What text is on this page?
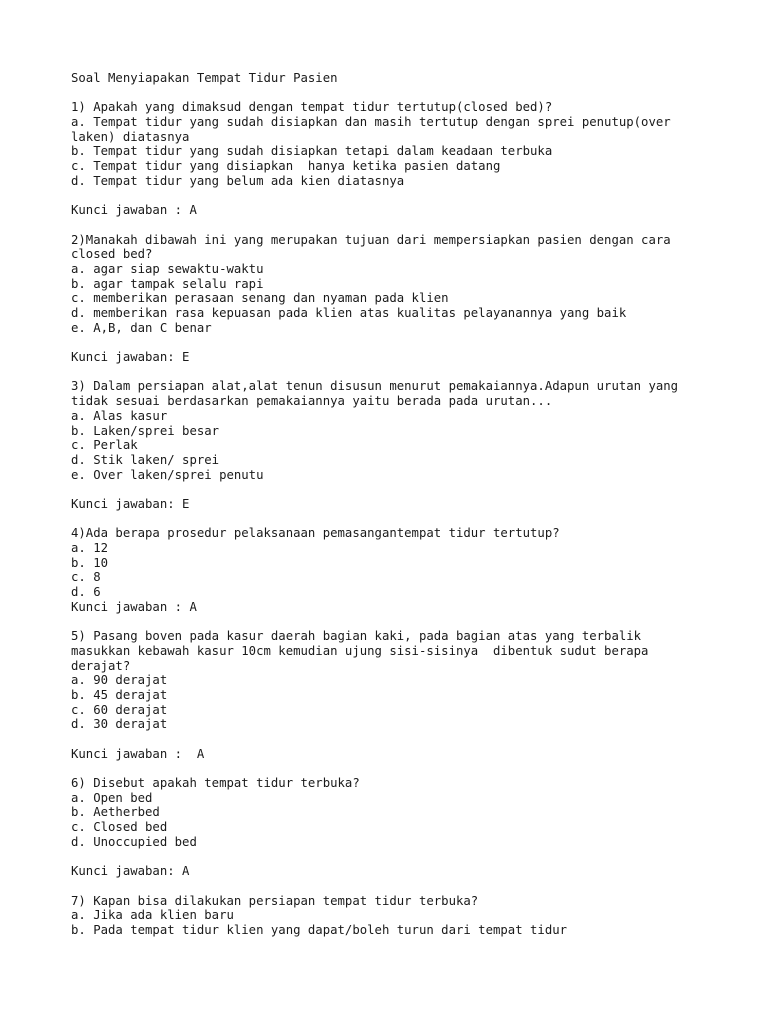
Soal Menyiapakan Tempat Tidur Pasien
1) Apakah yang dimaksud dengan tempat tidur tertutup(closed bed)?
a. Tempat tidur yang sudah disiapkan dan masih tertutup dengan sprei penutup(over
laken) diatasnya
b. Tempat tidur yang sudah disiapkan tetapi dalam keadaan terbuka
c. Tempat tidur yang disiapkan  hanya ketika pasien datang
d. Tempat tidur yang belum ada kien diatasnya
Kunci jawaban : A
2)Manakah dibawah ini yang merupakan tujuan dari mempersiapkan pasien dengan cara
closed bed?
a. agar siap sewaktu-waktu
b. agar tampak selalu rapi
c. memberikan perasaan senang dan nyaman pada klien
d. memberikan rasa kepuasan pada klien atas kualitas pelayanannya yang baik
e. A,B, dan C benar
Kunci jawaban: E
3) Dalam persiapan alat,alat tenun disusun menurut pemakaiannya.Adapun urutan yang
tidak sesuai berdasarkan pemakaiannya yaitu berada pada urutan...
a. Alas kasur
b. Laken/sprei besar
c. Perlak
d. Stik laken/ sprei
e. Over laken/sprei penutu
Kunci jawaban: E
4)Ada berapa prosedur pelaksanaan pemasangantempat tidur tertutup?
a. 12
b. 10
c. 8
d. 6
Kunci jawaban : A
5) Pasang boven pada kasur daerah bagian kaki, pada bagian atas yang terbalik
masukkan kebawah kasur 10cm kemudian ujung sisi-sisinya  dibentuk sudut berapa
derajat?
a. 90 derajat
b. 45 derajat
c. 60 derajat
d. 30 derajat
Kunci jawaban :  A
6) Disebut apakah tempat tidur terbuka?
a. Open bed
b. Aetherbed
c. Closed bed
d. Unoccupied bed
Kunci jawaban: A
7) Kapan bisa dilakukan persiapan tempat tidur terbuka?
a. Jika ada klien baru
b. Pada tempat tidur klien yang dapat/boleh turun dari tempat tidur
